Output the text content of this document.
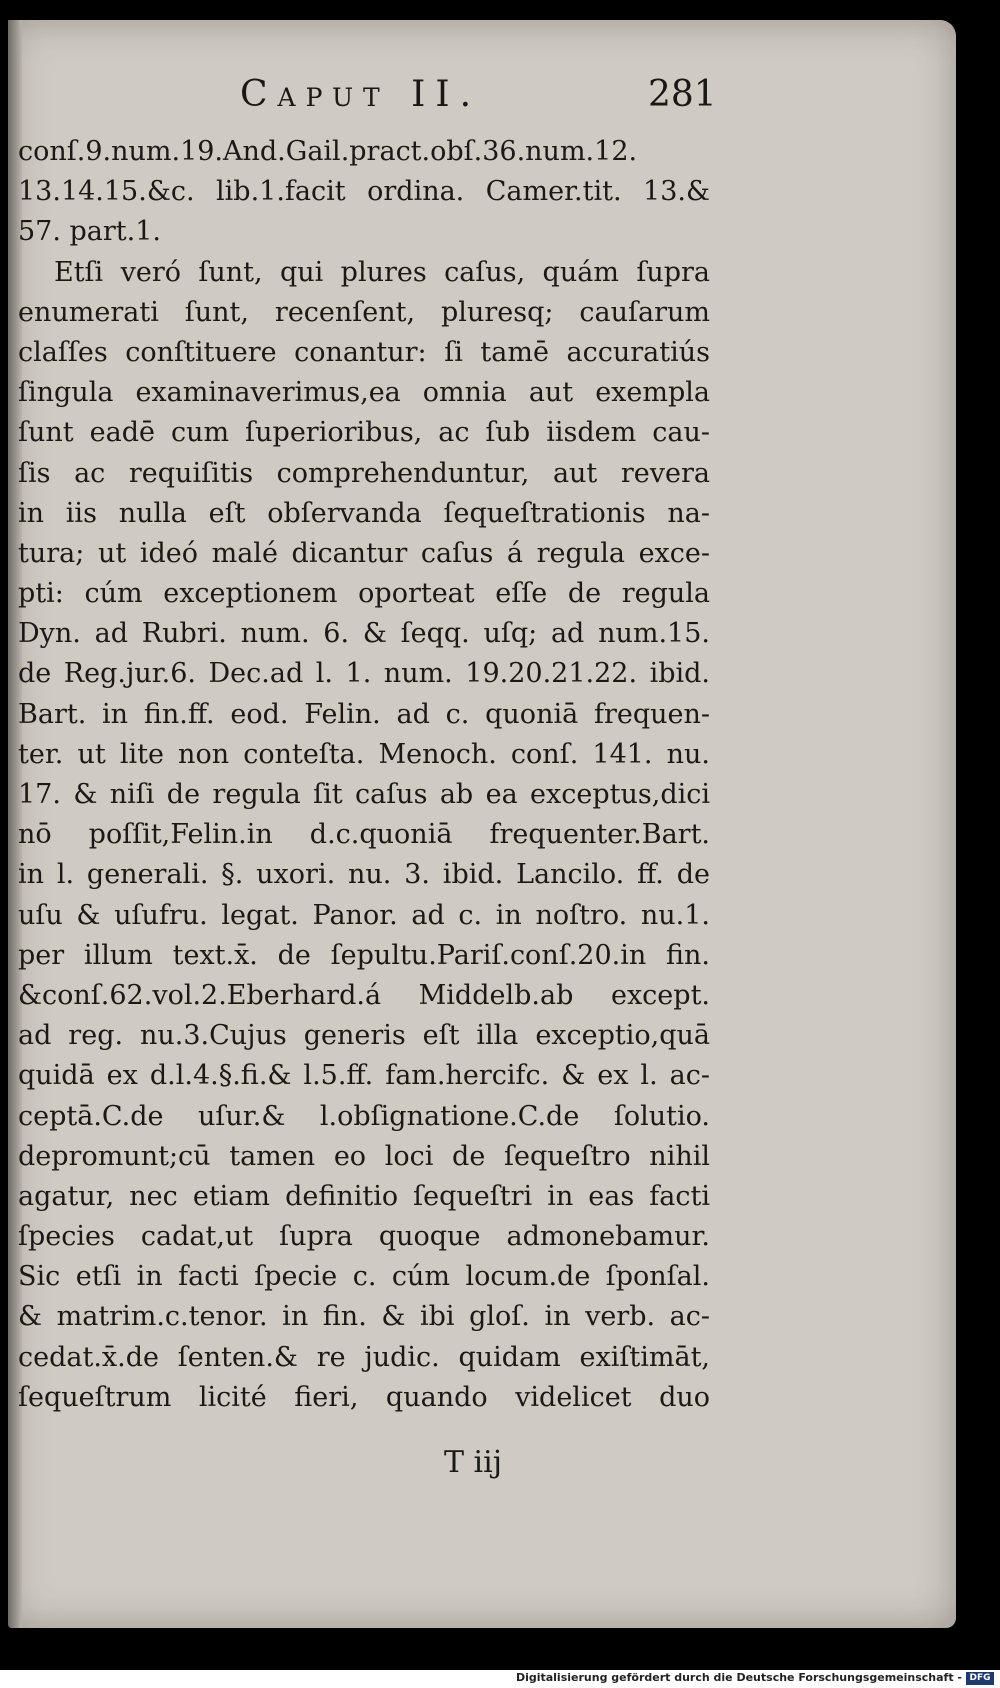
Caput II.	281
conſ.9.num.19.And.Gail.pract.obſ.36.num.12.
13.14.15.&c. lib.1.facit ordina. Camer.tit. 13.&
57. part.1.
Etſi veró ſunt, qui plures caſus, quám ſupra
enumerati ſunt, recenſent, pluresq; cauſarum
claſſes conſtituere conantur: ſi tamē accuratiús
ſingula examinaverimus,ea omnia aut exempla
ſunt eadē cum ſuperioribus, ac ſub iisdem cau-
ſis ac requiſitis comprehenduntur, aut revera
in iis nulla eſt obſervanda ſequeſtrationis na-
tura; ut ideó malé dicantur caſus á regula exce-
pti: cúm exceptionem oporteat eſſe de regula
Dyn. ad Rubri. num. 6. & ſeqq. uſq; ad num.15.
de Reg.jur.6. Dec.ad l. 1. num. 19.20.21.22. ibid.
Bart. in fin.ff. eod. Felin. ad c. quoniā frequen-
ter. ut lite non conteſta. Menoch. conſ. 141. nu.
17. & niſi de regula ſit caſus ab ea exceptus,dici
nō poſſit,Felin.in d.c.quoniā frequenter.Bart.
in l. generali. §. uxori. nu. 3. ibid. Lancilo. ff. de
uſu & uſufru. legat. Panor. ad c. in noſtro. nu.1.
per illum text.x̄. de ſepultu.Pariſ.conſ.20.in fin.
&conſ.62.vol.2.Eberhard.á Middelb.ab except.
ad reg. nu.3.Cujus generis eſt illa exceptio,quā
quidā ex d.l.4.§.fi.& l.5.ff. fam.hercifc. & ex l. ac-
ceptā.C.de uſur.& l.obſignatione.C.de ſolutio.
depromunt;cū tamen eo loci de ſequeſtro nihil
agatur, nec etiam definitio ſequeſtri in eas facti
ſpecies cadat,ut ſupra quoque admonebamur.
Sic etſi in facti ſpecie c. cúm locum.de ſponſal.
& matrim.c.tenor. in fin. & ibi gloſ. in verb. ac-
cedat.x̄.de ſenten.& re judic. quidam exiſtimāt,
ſequeſtrum licité fieri, quando videlicet duo
T iij
Digitalisierung gefördert durch die Deutsche Forschungsgemeinschaft - DFG
